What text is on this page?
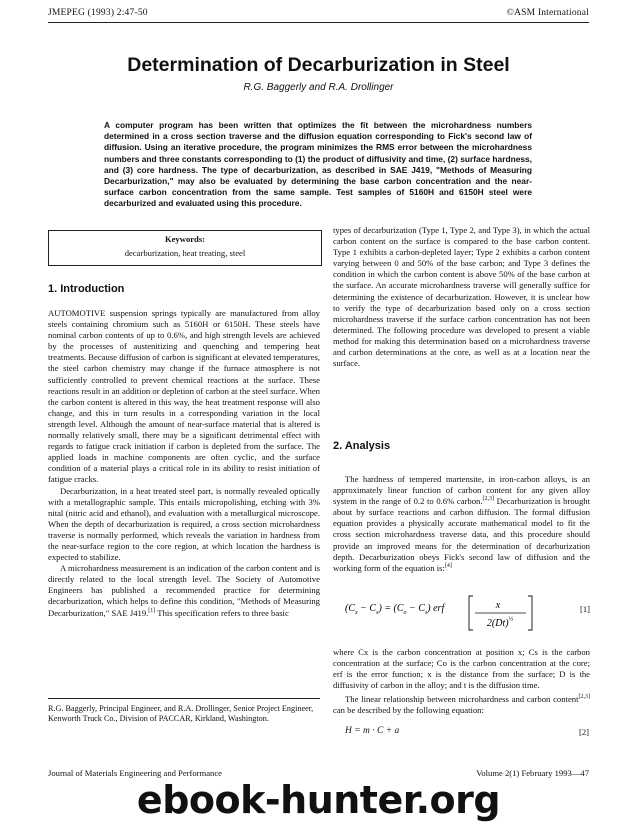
JMEPEG (1993) 2:47-50	©ASM International
Determination of Decarburization in Steel
R.G. Baggerly and R.A. Drollinger
A computer program has been written that optimizes the fit between the microhardness numbers determined in a cross section traverse and the diffusion equation corresponding to Fick's second law of diffusion. Using an iterative procedure, the program minimizes the RMS error between the microhardness numbers and three constants corresponding to (1) the product of diffusivity and time, (2) surface hardness, and (3) core hardness. The type of decarburization, as described in SAE J419, "Methods of Measuring Decarburization," may also be evaluated by determining the base carbon concentration and the near-surface carbon concentration from the same sample. Test samples of 5160H and 6150H steel were decarburized and evaluated using this procedure.
Keywords:
decarburization, heat treating, steel
1. Introduction

AUTOMOTIVE suspension springs typically are manufactured from alloy steels containing chromium such as 5160H or 6150H. These steels have nominal carbon contents of up to 0.6%, and high strength levels are achieved by the processes of austenitizing and quenching and tempering heat treatments. Because diffusion of carbon is significant at elevated temperatures, the steel carbon chemistry may change if the furnace atmosphere is not sufficiently controlled to prevent chemical reactions at the surface. These reactions result in an addition or depletion of carbon at the steel surface. When the carbon content is altered in this way, the heat treatment response will also change, and this in turn results in a corresponding variation in the local strength level. Although the amount of near-surface material that is altered is normally relatively small, there may be a significant detrimental effect with regards to fatigue crack initiation if carbon is depleted from the surface. The applied loads in machine components are often cyclic, and the surface condition of a material plays a critical role in its ability to resist initiation of fatigue cracks.

Decarburization, in a heat treated steel part, is normally revealed optically with a metallographic sample. This entails micropolishing, etching with 3% nital (nitric acid and ethanol), and evaluation with a metallurgical microscope. When the depth of decarburization is required, a cross section microhardness traverse is normally performed, which reveals the variation in hardness from the near-surface region to the core region, at which location the hardness is expected to stabilize.

A microhardness measurement is an indication of the carbon content and is directly related to the local strength level. The Society of Automotive Engineers has published a recommended practice for determining decarburization, which helps to define this condition, "Methods of Measuring Decarburization," SAE J419.[1] This specification refers to three basic

R.G. Baggerly, Principal Engineer, and R.A. Drollinger, Senior Project Engineer, Kenworth Truck Co., Division of PACCAR, Kirkland, Washington.

types of decarburization (Type 1, Type 2, and Type 3), in which the actual carbon content on the surface is compared to the base carbon content. Type 1 exhibits a carbon-depleted layer; Type 2 exhibits a carbon content varying between 0 and 50% of the base carbon; and Type 3 defines the condition in which the carbon content is above 50% of the base carbon at the surface. An accurate microhardness traverse will generally suffice for determining the existence of decarburization. However, it is unclear how to verify the type of decarburization based only on a cross section microhardness traverse if the surface carbon concentration has not been determined. The following procedure was developed to present a viable method for making this determination based on a microhardness traverse and carbon determinations at the core, as well as at a location near the surface.

2. Analysis

The hardness of tempered martensite, in iron-carbon alloys, is an approximately linear function of carbon content for any given alloy system in the range of 0.2 to 0.6% carbon.[2,3] Decarburization is brought about by surface reactions and carbon diffusion. The formal diffusion equation provides a physically accurate mathematical model to fit the cross section microhardness traverse data, and this procedure should provide an improved means for the determination of decarburization depth. Decarburization obeys Fick's second law of diffusion and the working form of the equation is:[4]

$(C_x - C_s) = (C_o - C_s)$ erf	x
$2(Dt)^{\frac{1}{2}}$
[1]

where Cx is the carbon concentration at position x; Cs is the carbon concentration at the surface; Co is the carbon concentration at the core; erf is the error function; x is the distance from the surface; D is the diffusivity of carbon in the alloy; and t is the diffusion time.

The linear relationship between microhardness and carbon content[2,3] can be described by the following equation:

H = m · C + a	[2]
Journal of Materials Engineering and Performance	Volume 2(1) February 1993—47
ebook-hunter.org
